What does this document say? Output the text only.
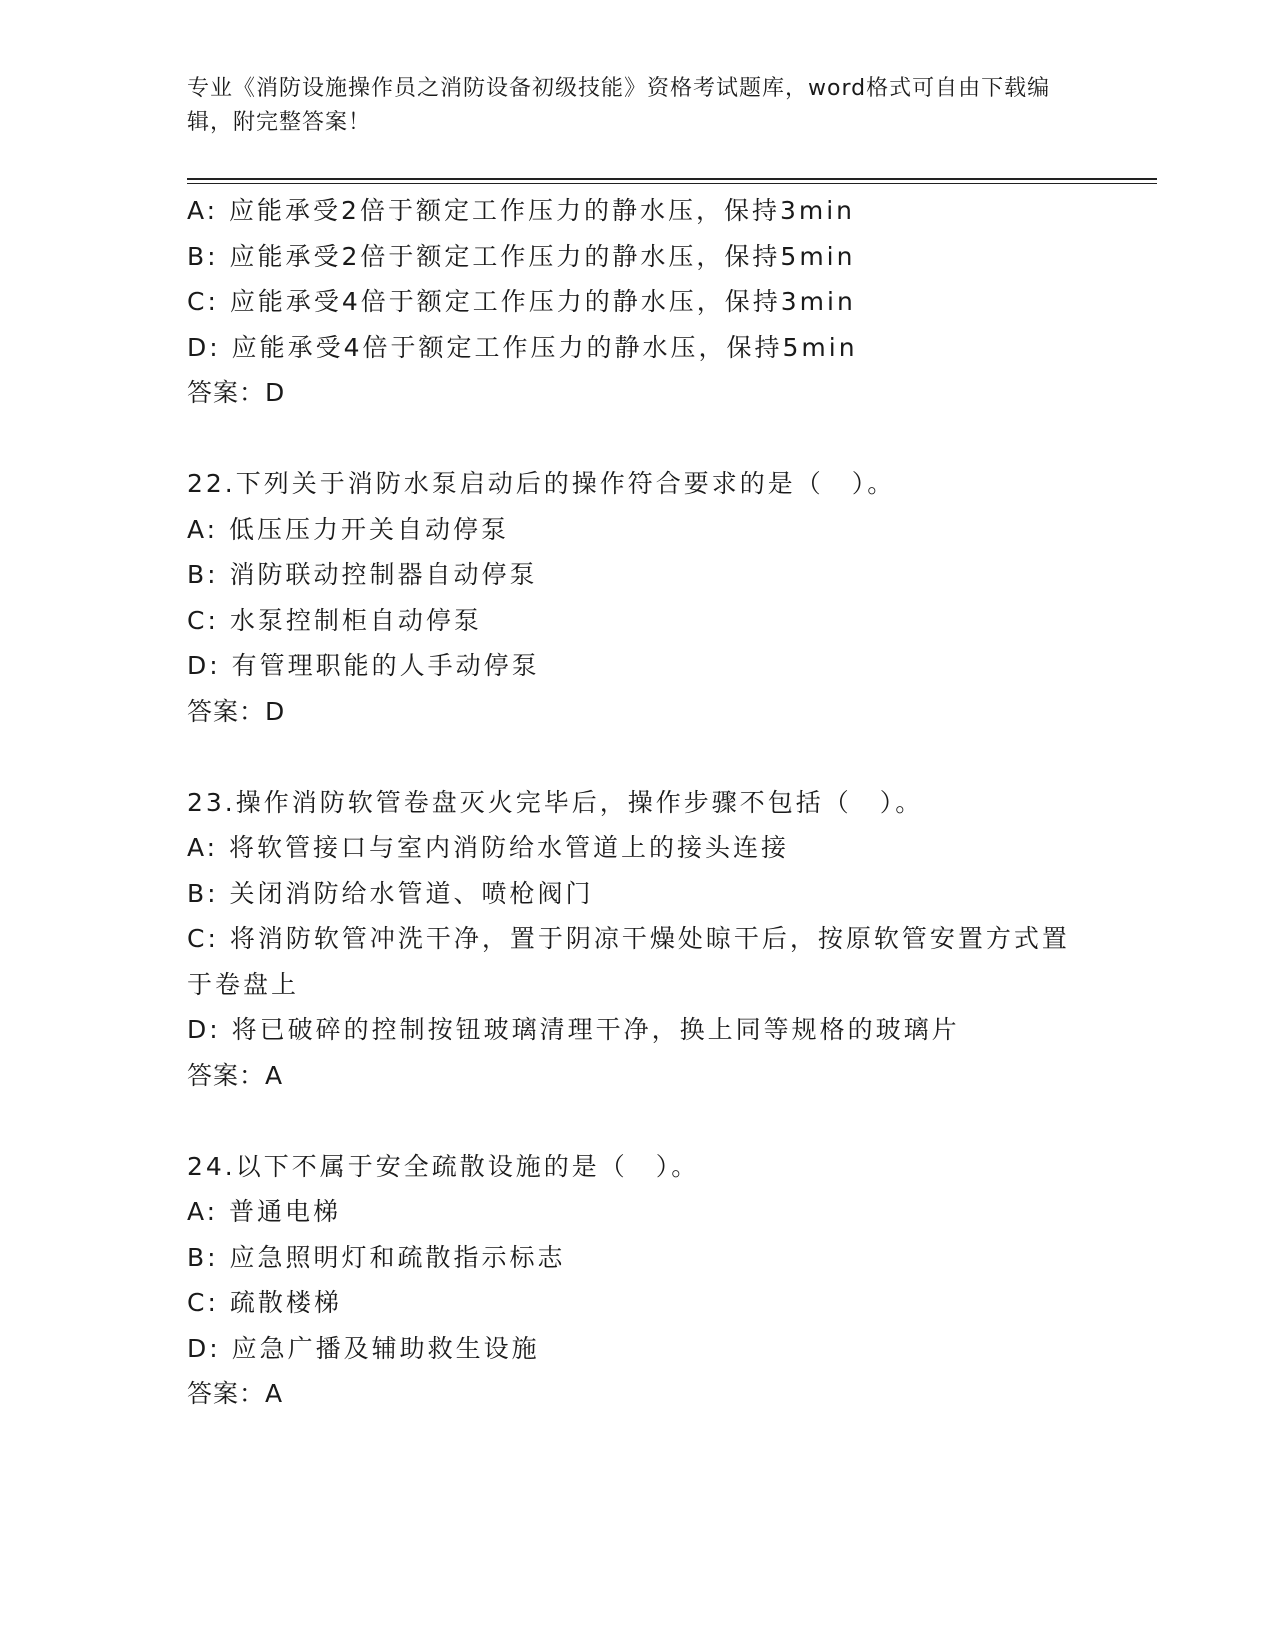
专业《消防设施操作员之消防设备初级技能》资格考试题库，word格式可自由下载编辑，附完整答案！
A: 应能承受2倍于额定工作压力的静水压，保持3min
B: 应能承受2倍于额定工作压力的静水压，保持5min
C: 应能承受4倍于额定工作压力的静水压，保持3min
D: 应能承受4倍于额定工作压力的静水压，保持5min
答案：D
22.下列关于消防水泵启动后的操作符合要求的是（　）。
A: 低压压力开关自动停泵
B: 消防联动控制器自动停泵
C: 水泵控制柜自动停泵
D: 有管理职能的人手动停泵
答案：D
23.操作消防软管卷盘灭火完毕后，操作步骤不包括（　）。
A: 将软管接口与室内消防给水管道上的接头连接
B: 关闭消防给水管道、喷枪阀门
C: 将消防软管冲洗干净，置于阴凉干燥处晾干后，按原软管安置方式置于卷盘上
D: 将已破碎的控制按钮玻璃清理干净，换上同等规格的玻璃片
答案：A
24.以下不属于安全疏散设施的是（　）。
A: 普通电梯
B: 应急照明灯和疏散指示标志
C: 疏散楼梯
D: 应急广播及辅助救生设施
答案：A
